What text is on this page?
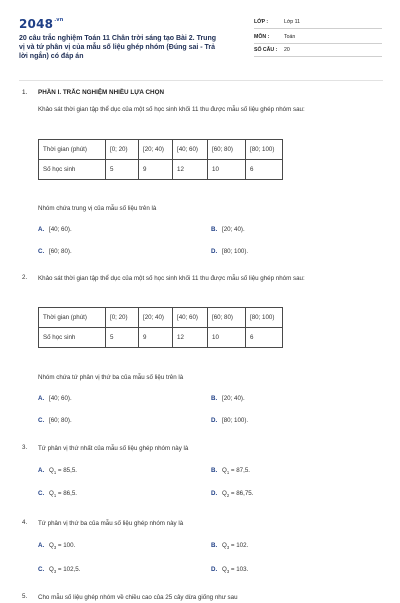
$2048^{.vn}$
20 câu trắc nghiệm Toán 11 Chân trời sáng tạo Bài 2. Trung vị và tứ phân vị của mẫu số liệu ghép nhóm (Đúng sai - Trả lời ngắn) có đáp án
LỚP :	Lớp 11
MÔN :	Toán
SỐ CÂU : 20
1. PHẦN I. TRẮC NGHIỆM NHIỀU LỰA CHỌN
Khảo sát thời gian tập thể dục của một số học sinh khối 11 thu được mẫu số liệu ghép nhóm sau:
Thời gian (phút)	[0; 20)	[20; 40)	[40; 60)	[60; 80)	[80; 100)
Số học sinh	5	9	12	10	6
Nhóm chứa trung vị của mẫu số liệu trên là
A. [40; 60).	B. [20; 40).
C. [60; 80).	D. [80; 100).
2. Khảo sát thời gian tập thể dục của một số học sinh khối 11 thu được mẫu số liệu ghép nhóm sau:
Thời gian (phút)	[0; 20)	[20; 40)	[40; 60)	[60; 80)	[80; 100)
Số học sinh	5	9	12	10	6
Nhóm chứa tứ phân vị thứ ba của mẫu số liệu trên là
A. [40; 60).	B. [20; 40).
C. [60; 80).	D. [80; 100).
3. Tứ phân vị thứ nhất của mẫu số liệu ghép nhóm này là
A. $Q_1 = 85,5$.	B. $Q_1 = 87,5$.
C. $Q_1 = 86,5$.	D. $Q_2 = 86,75$.
4. Tứ phân vị thứ ba của mẫu số liệu ghép nhóm này là
A. $Q_3 = 100$.	B. $Q_3 = 102$.
C. $Q_3 = 102,5$.	D. $Q_3 = 103$.
5. Cho mẫu số liệu ghép nhóm về chiều cao của 25 cây dừa giống như sau
